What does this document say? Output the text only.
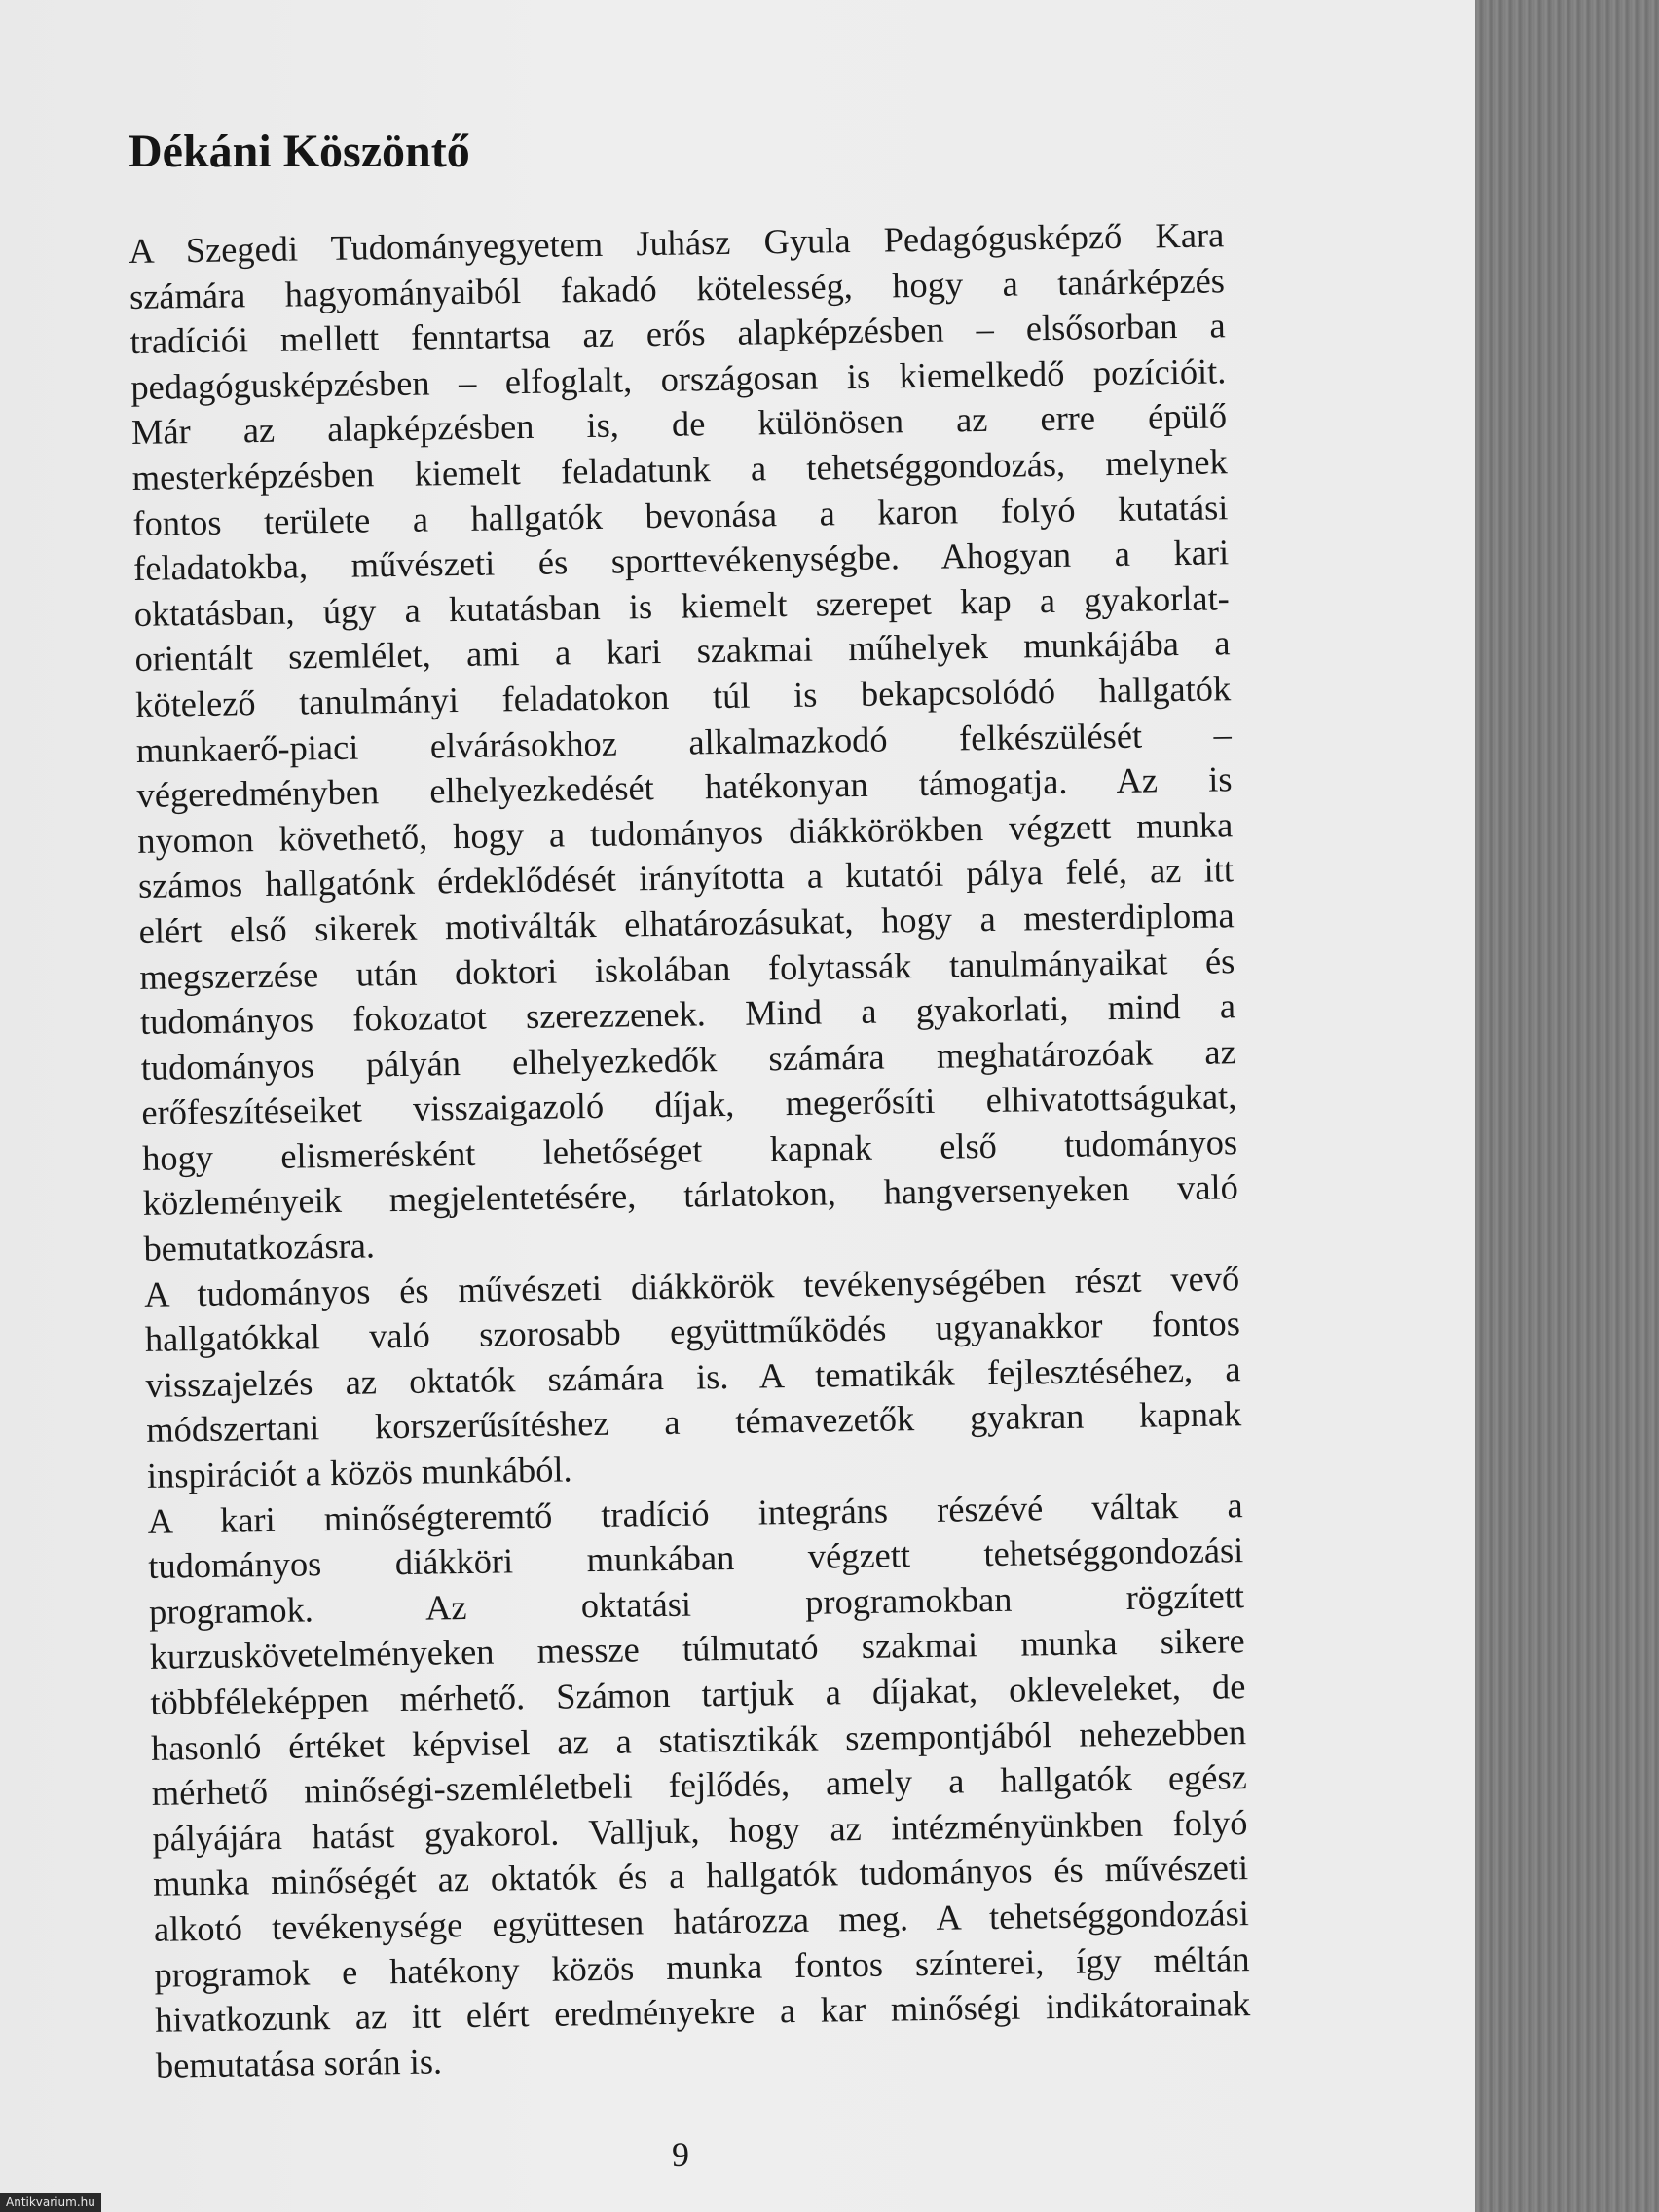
Dékáni Köszöntő

A Szegedi Tudományegyetem Juhász Gyula Pedagógusképző Kara
számára hagyományaiból fakadó kötelesség, hogy a tanárképzés
tradíciói mellett fenntartsa az erős alapképzésben – elsősorban a
pedagógusképzésben – elfoglalt, országosan is kiemelkedő pozícióit.
Már az alapképzésben is, de különösen az erre épülő
mesterképzésben kiemelt feladatunk a tehetséggondozás, melynek
fontos területe a hallgatók bevonása a karon folyó kutatási
feladatokba, művészeti és sporttevékenységbe. Ahogyan a kari
oktatásban, úgy a kutatásban is kiemelt szerepet kap a gyakorlat-
orientált szemlélet, ami a kari szakmai műhelyek munkájába a
kötelező tanulmányi feladatokon túl is bekapcsolódó hallgatók
munkaerő-piaci elvárásokhoz alkalmazkodó felkészülését –
végeredményben elhelyezkedését hatékonyan támogatja. Az is
nyomon követhető, hogy a tudományos diákkörökben végzett munka
számos hallgatónk érdeklődését irányította a kutatói pálya felé, az itt
elért első sikerek motiválták elhatározásukat, hogy a mesterdiploma
megszerzése után doktori iskolában folytassák tanulmányaikat és
tudományos fokozatot szerezzenek. Mind a gyakorlati, mind a
tudományos pályán elhelyezkedők számára meghatározóak az
erőfeszítéseiket visszaigazoló díjak, megerősíti elhivatottságukat,
hogy elismerésként lehetőséget kapnak első tudományos
közleményeik megjelentetésére, tárlatokon, hangversenyeken való
bemutatkozásra.

A tudományos és művészeti diákkörök tevékenységében részt vevő
hallgatókkal való szorosabb együttműködés ugyanakkor fontos
visszajelzés az oktatók számára is. A tematikák fejlesztéséhez, a
módszertani korszerűsítéshez a témavezetők gyakran kapnak
inspirációt a közös munkából.

A kari minőségteremtő tradíció integráns részévé váltak a
tudományos diákköri munkában végzett tehetséggondozási
programok. Az oktatási programokban rögzített
kurzuskövetelményeken messze túlmutató szakmai munka sikere
többféleképpen mérhető. Számon tartjuk a díjakat, okleveleket, de
hasonló értéket képvisel az a statisztikák szempontjából nehezebben
mérhető minőségi-szemléletbeli fejlődés, amely a hallgatók egész
pályájára hatást gyakorol. Valljuk, hogy az intézményünkben folyó
munka minőségét az oktatók és a hallgatók tudományos és művészeti
alkotó tevékenysége együttesen határozza meg. A tehetséggondozási
programok e hatékony közös munka fontos színterei, így méltán
hivatkozunk az itt elért eredményekre a kar minőségi indikátorainak
bemutatása során is.

9
Antikvarium.hu
